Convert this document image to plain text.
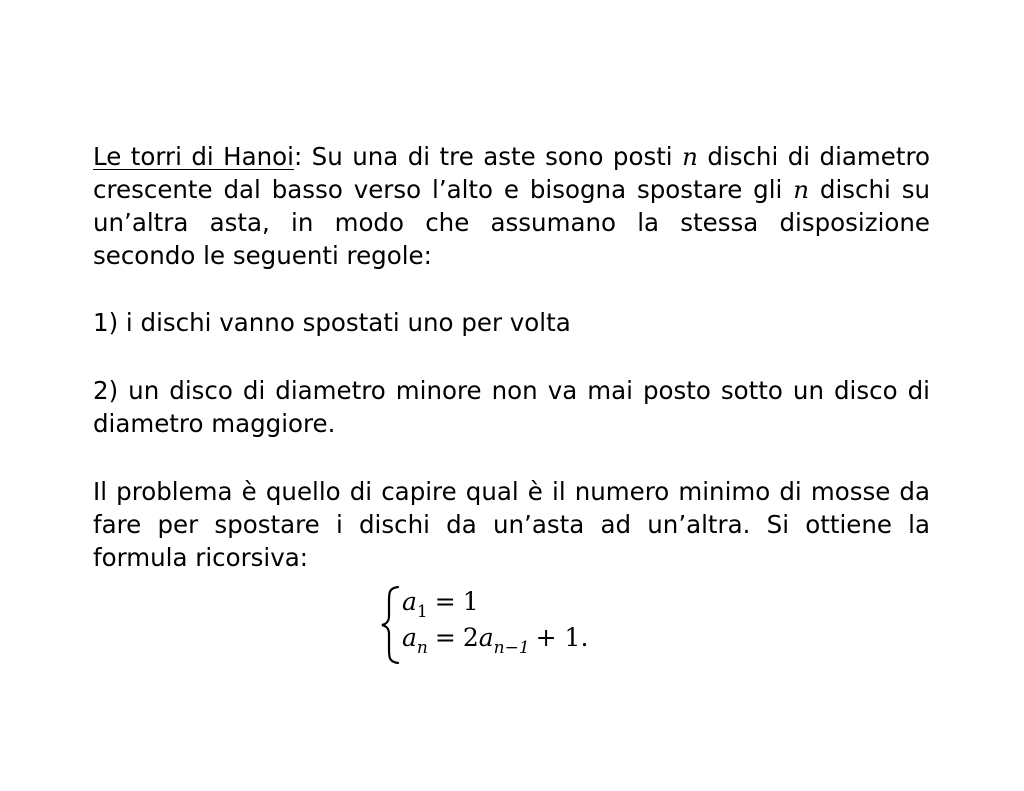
Le torri di Hanoi: Su una di tre aste sono posti n dischi di diametro crescente dal basso verso l’alto e bisogna spostare gli n dischi su un’altra asta, in modo che assumano la stessa disposizione secondo le seguenti regole:

1) i dischi vanno spostati uno per volta

2) un disco di diametro minore non va mai posto sotto un disco di diametro maggiore.

Il problema è quello di capire qual è il numero minimo di mosse da fare per spostare i dischi da un’asta ad un’altra. Si ottiene la formula ricorsiva:

$a_1 = 1$
$a_n = 2a_{n-1} + 1$.
